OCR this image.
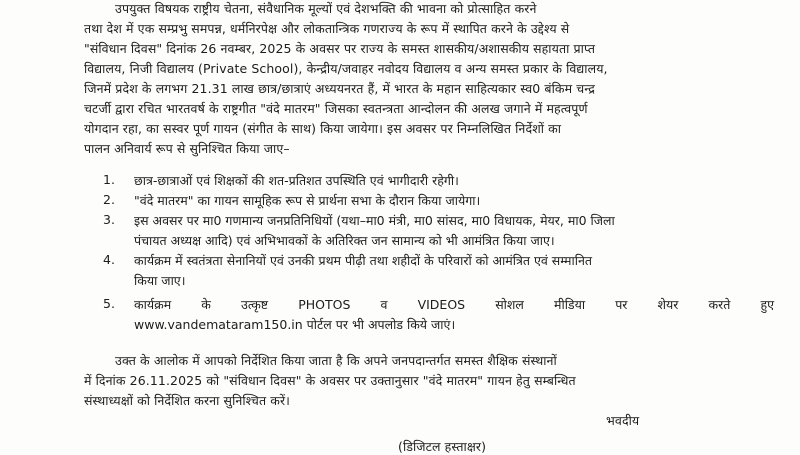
उपयुक्त विषयक राष्ट्रीय चेतना, संवैधानिक मूल्यों एवं देशभक्ति की भावना को प्रोत्साहित करने
तथा देश में एक सम्प्रभु समपन्न, धर्मनिरपेक्ष और लोकतान्त्रिक गणराज्य के रूप में स्थापित करने के उद्देश्य से
"संविधान दिवस" दिनांक 26 नवम्बर, 2025 के अवसर पर राज्य के समस्त शासकीय/अशासकीय सहायता प्राप्त
विद्यालय, निजी विद्यालय (Private School), केन्द्रीय/जवाहर नवोदय विद्यालय व अन्य समस्त प्रकार के विद्यालय,
जिनमें प्रदेश के लगभग 21.31 लाख छात्र/छात्राएं अध्ययनरत हैं, में भारत के महान साहित्यकार स्व0 बंकिम चन्द्र
चटर्जी द्वारा रचित भारतवर्ष के राष्ट्रगीत "वंदे मातरम" जिसका स्वतन्त्रता आन्दोलन की अलख जगाने में महत्वपूर्ण
योगदान रहा, का सस्वर पूर्ण गायन (संगीत के साथ) किया जायेगा। इस अवसर पर निम्नलिखित निर्देशों का
पालन अनिवार्य रूप से सुनिश्चित किया जाए–
1. छात्र-छात्राओं एवं शिक्षकों की शत-प्रतिशत उपस्थिति एवं भागीदारी रहेगी।
2. "वंदे मातरम" का गायन सामूहिक रूप से प्रार्थना सभा के दौरान किया जायेगा।
3. इस अवसर पर मा0 गणमान्य जनप्रतिनिधियों (यथा–मा0 मंत्री, मा0 सांसद, मा0 विधायक, मेयर, मा0 जिला
पंचायत अध्यक्ष आदि) एवं अभिभावकों के अतिरिक्त जन सामान्य को भी आमंत्रित किया जाए।
4. कार्यक्रम में स्वतंत्रता सेनानियों एवं उनकी प्रथम पीढ़ी तथा शहीदों के परिवारों को आमंत्रित एवं सम्मानित
किया जाए।
5. कार्यक्रम के उत्कृष्ट PHOTOS व VIDEOS सोशल मीडिया पर शेयर करते हुए
www.vandemataram150.in पोर्टल पर भी अपलोड किये जाएं।
उक्त के आलोक में आपको निर्देशित किया जाता है कि अपने जनपदान्तर्गत समस्त शैक्षिक संस्थानों
में दिनांक 26.11.2025 को "संविधान दिवस" के अवसर पर उक्तानुसार "वंदे मातरम" गायन हेतु सम्बन्धित
संस्थाध्यक्षों को निर्देशित करना सुनिश्चित करें।
भवदीय
(डिजिटल हस्ताक्षर)
